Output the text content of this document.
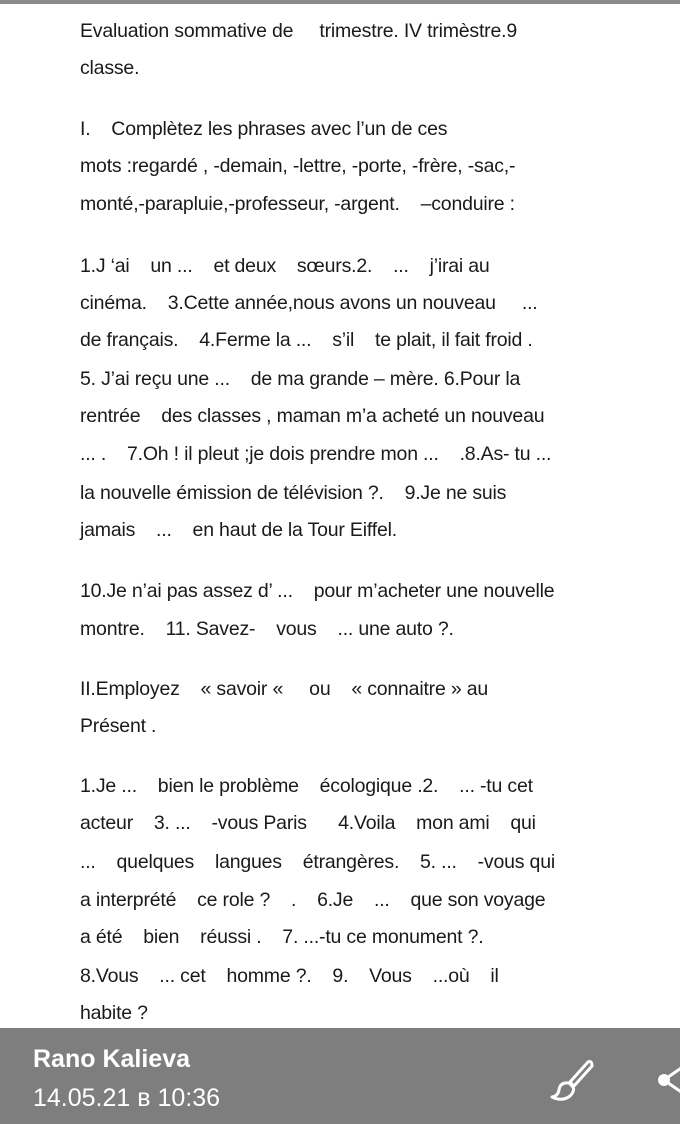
Evaluation sommative de     trimestre. IV trimèstre.9
classe.
I.    Complètez les phrases avec l’un de ces
mots :regardé , -demain, -lettre, -porte, -frère, -sac,-
monté,-parapluie,-professeur, -argent.    –conduire :
1.J ‘ai    un ...    et deux    sœurs.2.    ...    j’irai au
cinéma.    3.Cette année,nous avons un nouveau     ...
de français.    4.Ferme la ...    s’il    te plait, il fait froid .
5. J’ai reçu une ...    de ma grande – mère. 6.Pour la
rentrée    des classes , maman m’a acheté un nouveau
... .    7.Oh ! il pleut ;je dois prendre mon ...    .8.As- tu ...
la nouvelle émission de télévision ?.    9.Je ne suis
jamais    ...    en haut de la Tour Eiffel.
10.Je n’ai pas assez d’ ...    pour m’acheter une nouvelle
montre.    11. Savez-    vous    ... une auto ?.
II.Employez    « savoir «     ou    « connaitre » au
Présent .
1.Je ...    bien le problème    écologique .2.    ... -tu cet
acteur    3. ...    -vous Paris      4.Voila    mon ami    qui
...    quelques    langues    étrangères.    5. ...    -vous qui
a interprété    ce role ?    .    6.Je    ...    que son voyage
a été    bien    réussi .    7. ...-tu ce monument ?.
8.Vous    ... cet    homme ?.    9.    Vous    ...où    il
habite ?
Rano Kalieva
14.05.21 в 10:36
